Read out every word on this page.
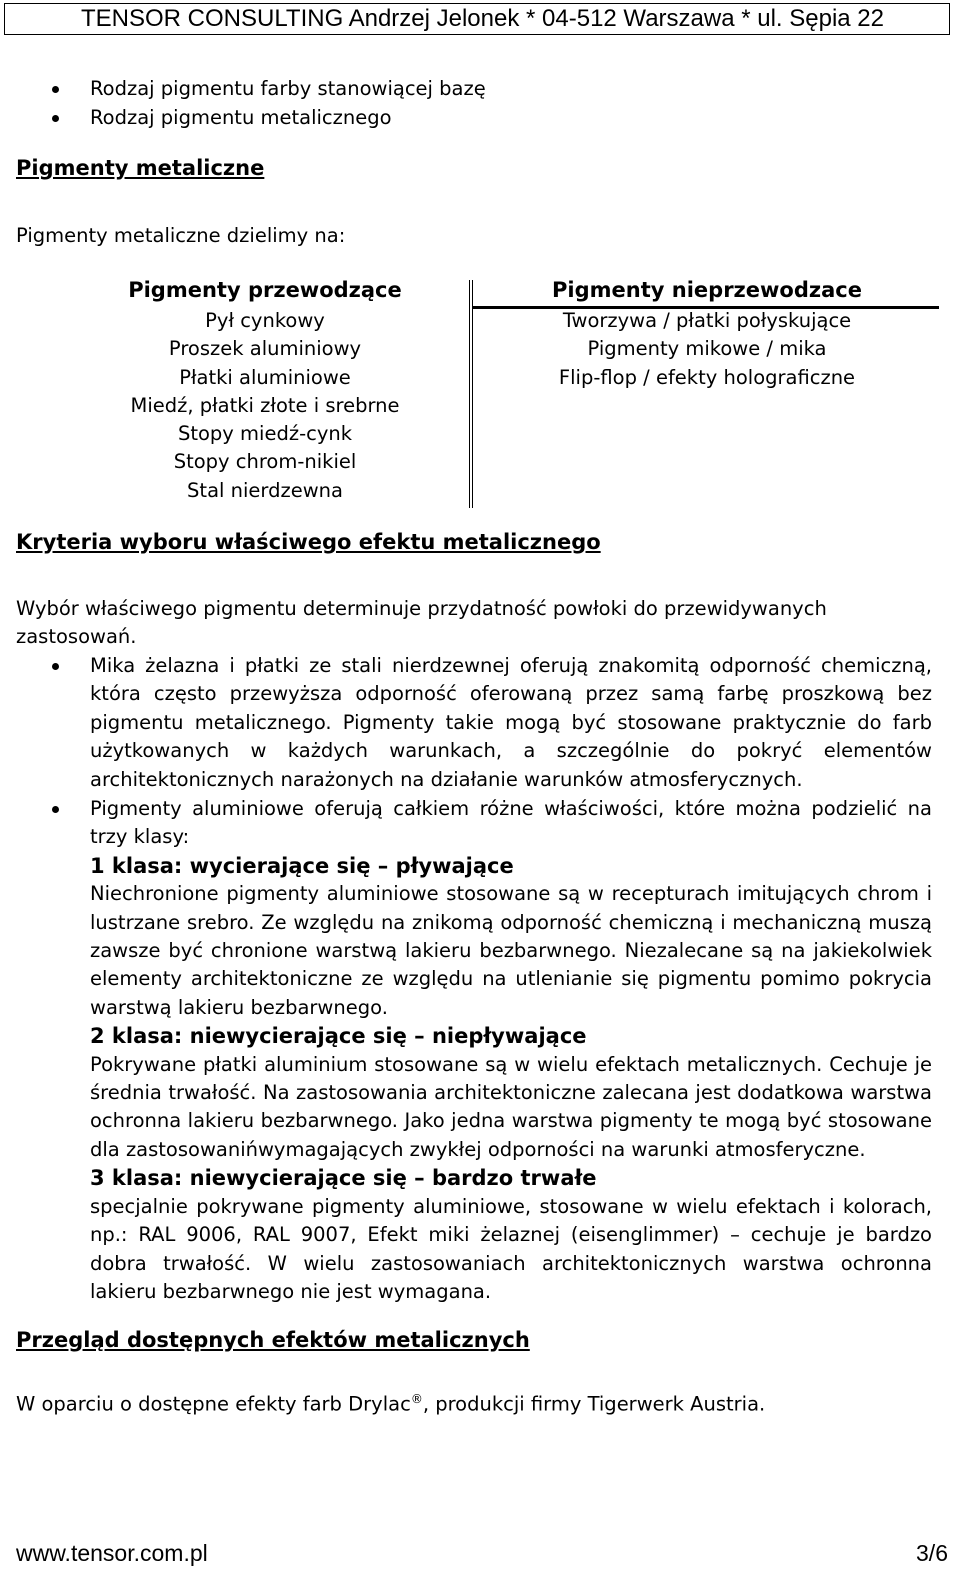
TENSOR CONSULTING Andrzej Jelonek * 04-512 Warszawa * ul. Sępia 22
Rodzaj pigmentu farby stanowiącej bazę
Rodzaj pigmentu metalicznego
Pigmenty metaliczne
Pigmenty metaliczne dzielimy na:
Pigmenty przewodzące
Pył cynkowy
Proszek aluminiowy
Płatki aluminiowe
Miedź, płatki złote i srebrne
Stopy miedź-cynk
Stopy chrom-nikiel
Stal nierdzewna
Pigmenty nieprzewodzace
Tworzywa / płatki połyskujące
Pigmenty mikowe / mika
Flip-flop / efekty holograficzne
Kryteria wyboru właściwego efektu metalicznego
Wybór właściwego pigmentu determinuje przydatność powłoki do przewidywanych zastosowań.
Mika żelazna i płatki ze stali nierdzewnej oferują znakomitą odporność chemiczną, która często przewyższa odporność oferowaną przez samą farbę proszkową bez pigmentu metalicznego. Pigmenty takie mogą być stosowane praktycznie do farb użytkowanych w każdych warunkach, a szczególnie do pokryć elementów architektonicznych narażonych na działanie warunków atmosferycznych.
Pigmenty aluminiowe oferują całkiem różne właściwości, które można podzielić na trzy klasy:
1 klasa: wycierające się – pływające
Niechronione pigmenty aluminiowe stosowane są w recepturach imitujących chrom i lustrzane srebro. Ze względu na znikomą odporność chemiczną i mechaniczną muszą zawsze być chronione warstwą lakieru bezbarwnego. Niezalecane są na jakiekolwiek elementy architektoniczne ze względu na utlenianie się pigmentu pomimo pokrycia warstwą lakieru bezbarwnego.
2 klasa: niewycierające się – niepływające
Pokrywane płatki aluminium stosowane są w wielu efektach metalicznych. Cechuje je średnia trwałość. Na zastosowania architektoniczne zalecana jest dodatkowa warstwa ochronna lakieru bezbarwnego. Jako jedna warstwa pigmenty te mogą być stosowane dla zastosowanińwymagających zwykłej odporności na warunki atmosferyczne.
3 klasa: niewycierające się – bardzo trwałe
specjalnie pokrywane pigmenty aluminiowe, stosowane w wielu efektach i kolorach, np.: RAL 9006, RAL 9007, Efekt miki żelaznej (eisenglimmer) – cechuje je bardzo dobra trwałość. W wielu zastosowaniach architektonicznych warstwa ochronna lakieru bezbarwnego nie jest wymagana.
Przegląd dostępnych efektów metalicznych
W oparciu o dostępne efekty farb Drylac®, produkcji firmy Tigerwerk Austria.
www.tensor.com.pl	3/6
